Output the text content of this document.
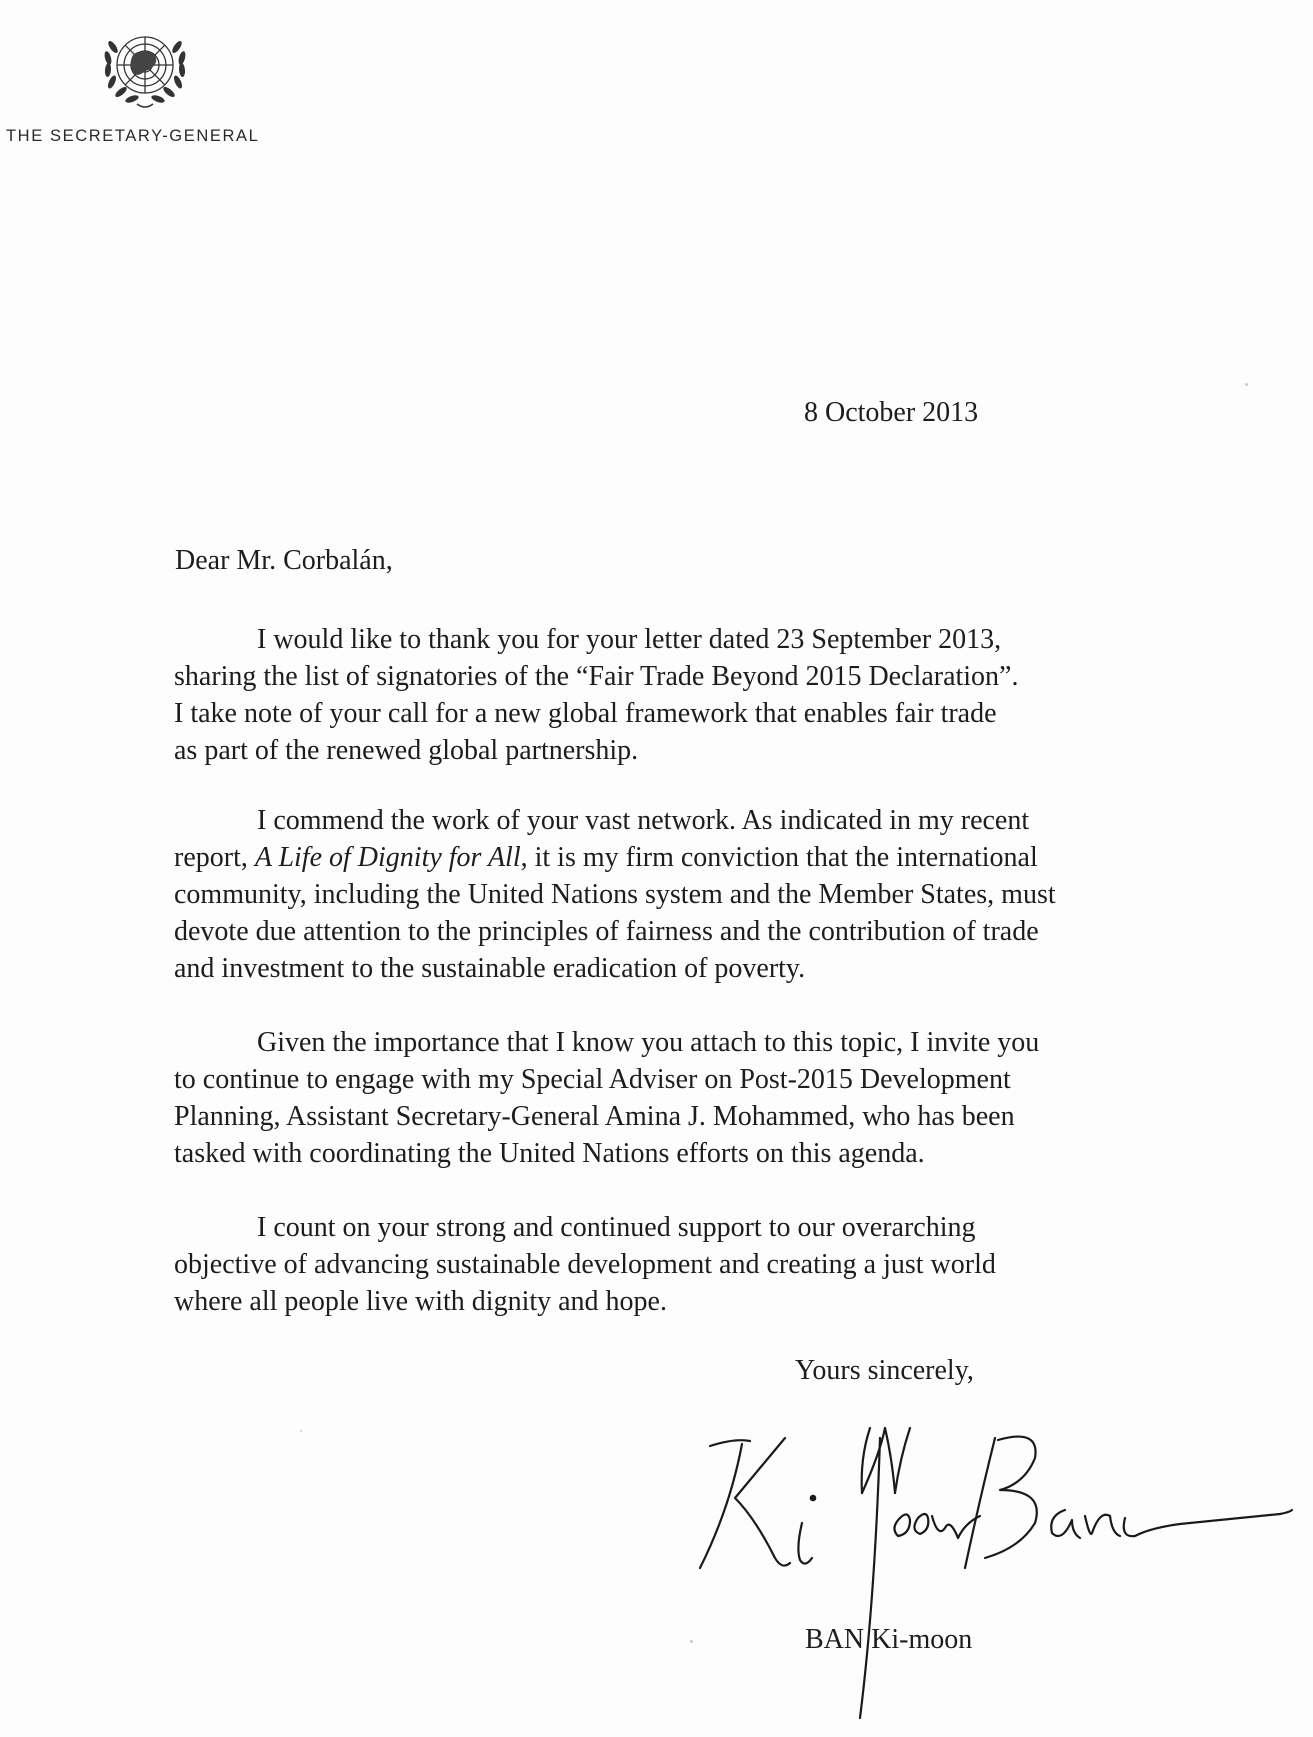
THE SECRETARY-GENERAL
8 October 2013
Dear Mr. Corbalán,
I would like to thank you for your letter dated 23 September 2013,
sharing the list of signatories of the “Fair Trade Beyond 2015 Declaration”.
I take note of your call for a new global framework that enables fair trade
as part of the renewed global partnership.
I commend the work of your vast network. As indicated in my recent
report, A Life of Dignity for All, it is my firm conviction that the international
community, including the United Nations system and the Member States, must
devote due attention to the principles of fairness and the contribution of trade
and investment to the sustainable eradication of poverty.
Given the importance that I know you attach to this topic, I invite you
to continue to engage with my Special Adviser on Post-2015 Development
Planning, Assistant Secretary-General Amina J. Mohammed, who has been
tasked with coordinating the United Nations efforts on this agenda.
I count on your strong and continued support to our overarching
objective of advancing sustainable development and creating a just world
where all people live with dignity and hope.
Yours sincerely,
BAN Ki-moon
